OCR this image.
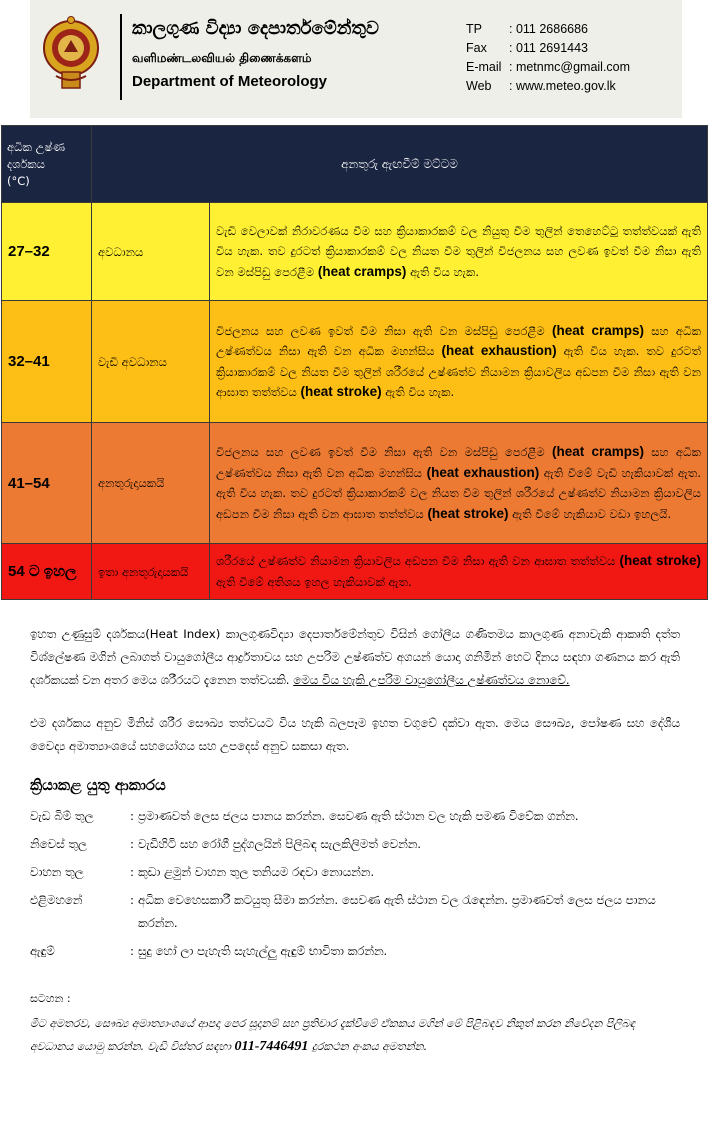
කාලගුණ විද්‍යා දෙපාර්තමේන්තුව
வளிமண்டலவியல் திணைக்களம்
Department of Meteorology
TP	: 011 2686686
Fax	: 011 2691443
E-mail : metnmc@gmail.com
Web	: www.meteo.gov.lk
අධික උෂ්ණ
දර්ශකය
(°C)	අනතුරු ඇඟවීම් මට්ටම	
27–32	අවධානය	වැඩි වෙලාවක් නිරාවරණය වීම සහ ක්‍රියාකාරකම් වල නියුතු වීම තුලින් තෙහෙට්ටු තත්ත්වයක් ඇති විය හැක. තව දුරටත් ක්‍රියාකාරකම් වල නියත වීම තුලින් විජලනය සහ ලවණ ඉවත් වීම නිසා ඇති වන මස්පිඩු පෙරළීම (heat cramps) ඇති විය හැක.
32–41	වැඩි අවධානය	විජලනය සහ ලවණ ඉවත් වීම නිසා ඇති වන මස්පිඩු පෙරළීම (heat cramps) සහ අධික උෂ්ණත්වය නිසා ඇති වන අධික මහන්සිය (heat exhaustion) ඇති විය හැක. තව දුරටත් ක්‍රියාකාරකම් වල නියත වීම තුලින් ශරීරයේ උෂ්ණත්ව නියාමන ක්‍රියාවලිය අඩපන වීම නිසා ඇති වන ආඝාත තත්ත්වය (heat stroke) ඇති විය හැක.
41–54	අනතුරුදායකයි	විජලනය සහ ලවණ ඉවත් වීම නිසා ඇති වන මස්පිඩු පෙරළීම (heat cramps) සහ අධික උෂ්ණත්වය නිසා ඇති වන අධික මහන්සිය (heat exhaustion) ඇති වීමේ වැඩි හැකියාවක් ඇත. ඇති විය හැක. තව දුරටත් ක්‍රියාකාරකම් වල නියත වීම තුලින් ශරීරයේ උෂ්ණත්ව නියාමන ක්‍රියාවලිය අඩපන වීම නිසා ඇති වන ආඝාත තත්ත්වය (heat stroke) ඇති වීමේ හැකියාව වඩා ඉහලයි.
54 ට ඉහල	ඉතා අනතුරුදායකයි	ශරීරයේ උෂ්ණත්ව නියාමන ක්‍රියාවලිය අඩපන වීම නිසා ඇති වන ආඝාත තත්ත්වය (heat stroke) ඇති වීමේ අතිශය ඉහල හැකියාවක් ඇත.
ඉහත උණුසුම් දර්ශකය(Heat Index) කාලගුණවිද්‍යා දෙපාර්තමේන්තුව විසින් ගෝලීය ගණිතමය කාලගුණ අනාවැකි ආකෘති දත්ත විශ්ලේෂණ මගින් ලබාගත් වායුගෝලීය ආර්ද්‍රතාවය සහ උපරිම උෂ්ණත්ව අගයන් යොදා ගනිමින් හෙට දිනය සඳහා ගණනය කර ඇති දර්ශකයක් වන අතර මෙය ශරීරයට දැනෙන තත්වයකි. මෙය විය හැකි උපරිම වායුගෝලීය උෂ්ණත්වය නොවේ.
එම දර්ශකය අනුව මිනිස් ශරීර සෞඛ්‍ය තත්වයට විය හැකි බලපෑම ඉහත වගුවේ දක්වා ඇත. මෙය සෞඛ්‍ය, පෝෂණ සහ දේශීය වෛද්‍ය අමාත්‍යාංශයේ සහයෝගය සහ උපදෙස් අනුව සකසා ඇත.
ක්‍රියාකළ යුතු ආකාරය
වැඩ බිම් තුල	: ප්‍රමාණවත් ලෙස ජලය පානය කරන්න. සෙවණ ඇති ස්ථාන වල හැකි පමණ විවේක ගන්න.
නිවෙස් තුල	: වැඩිහිටි සහ රෝගී පුද්ගලයින් පිලිබඳ සැලකිලිමත් වෙන්න.
වාහන තුල	: කුඩා ළමුන් වාහන තුල තනියම රඳවා නොයන්න.
එළිමහනේ	: අධික වෙහෙසකාරී කටයුතු සීමා කරන්න. සෙවණ ඇති ස්ථාන වල රැඳෙන්න. ප්‍රමාණවත් ලෙස ජලය පානය කරන්න.
ඇඳුම්	: සුදු හෝ ලා පැහැති සැහැල්ලු ඇඳුම් භාවිතා කරන්න.
සටහන :
මීට අමතරව, සෞඛ්‍ය අමාත්‍යාංශයේ ආපදා පෙර සූදානම් සහ ප්‍රතිචාර දැක්වීමේ ඒකකය මගින් මේ පිළිබඳව නිකුත් කරන නිවේදන පිලිබඳ අවධානය යොමු කරන්න. වැඩි විස්තර සඳහා 011-7446491 දුරකථන අංකය අමතන්න.
